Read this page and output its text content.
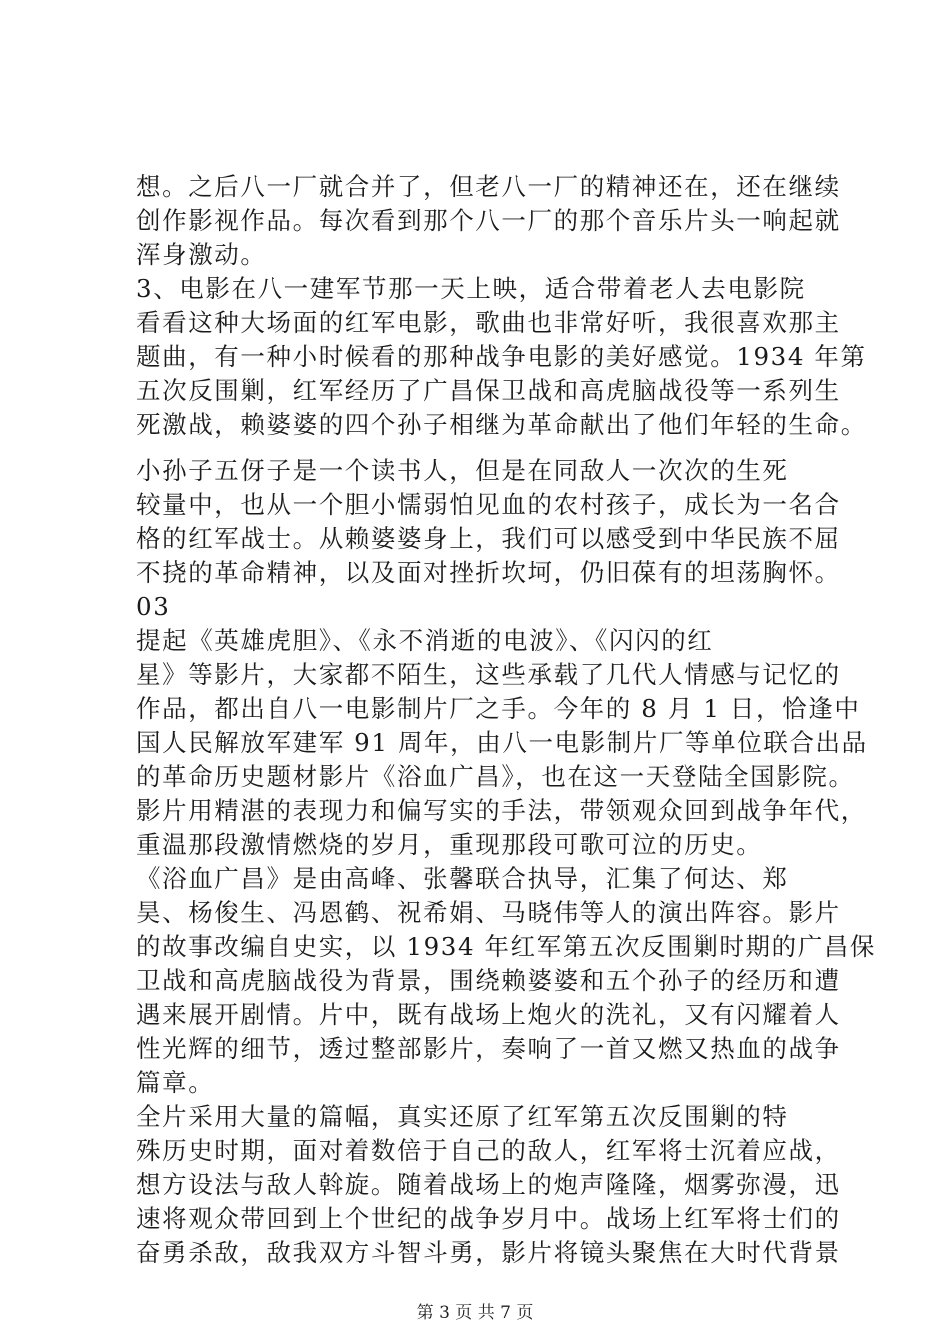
想。之后八一厂就合并了，但老八一厂的精神还在，还在继续
创作影视作品。每次看到那个八一厂的那个音乐片头一响起就
浑身激动。
3、电影在八一建军节那一天上映，适合带着老人去电影院
看看这种大场面的红军电影，歌曲也非常好听，我很喜欢那主
题曲，有一种小时候看的那种战争电影的美好感觉。1934 年第
五次反围剿，红军经历了广昌保卫战和高虎脑战役等一系列生
死激战，赖婆婆的四个孙子相继为革命献出了他们年轻的生命。
小孙子五伢子是一个读书人，但是在同敌人一次次的生死
较量中，也从一个胆小懦弱怕见血的农村孩子，成长为一名合
格的红军战士。从赖婆婆身上，我们可以感受到中华民族不屈
不挠的革命精神，以及面对挫折坎坷，仍旧葆有的坦荡胸怀。
03
提起《英雄虎胆》、《永不消逝的电波》、《闪闪的红
星》等影片，大家都不陌生，这些承载了几代人情感与记忆的
作品，都出自八一电影制片厂之手。今年的 8 月 1 日，恰逢中
国人民解放军建军 91 周年，由八一电影制片厂等单位联合出品
的革命历史题材影片《浴血广昌》，也在这一天登陆全国影院。
影片用精湛的表现力和偏写实的手法，带领观众回到战争年代，
重温那段激情燃烧的岁月，重现那段可歌可泣的历史。
《浴血广昌》是由高峰、张馨联合执导，汇集了何达、郑
昊、杨俊生、冯恩鹤、祝希娟、马晓伟等人的演出阵容。影片
的故事改编自史实，以 1934 年红军第五次反围剿时期的广昌保
卫战和高虎脑战役为背景，围绕赖婆婆和五个孙子的经历和遭
遇来展开剧情。片中，既有战场上炮火的洗礼，又有闪耀着人
性光辉的细节，透过整部影片，奏响了一首又燃又热血的战争
篇章。
全片采用大量的篇幅，真实还原了红军第五次反围剿的特
殊历史时期，面对着数倍于自己的敌人，红军将士沉着应战，
想方设法与敌人斡旋。随着战场上的炮声隆隆，烟雾弥漫，迅
速将观众带回到上个世纪的战争岁月中。战场上红军将士们的
奋勇杀敌，敌我双方斗智斗勇，影片将镜头聚焦在大时代背景
第 3 页 共 7 页
